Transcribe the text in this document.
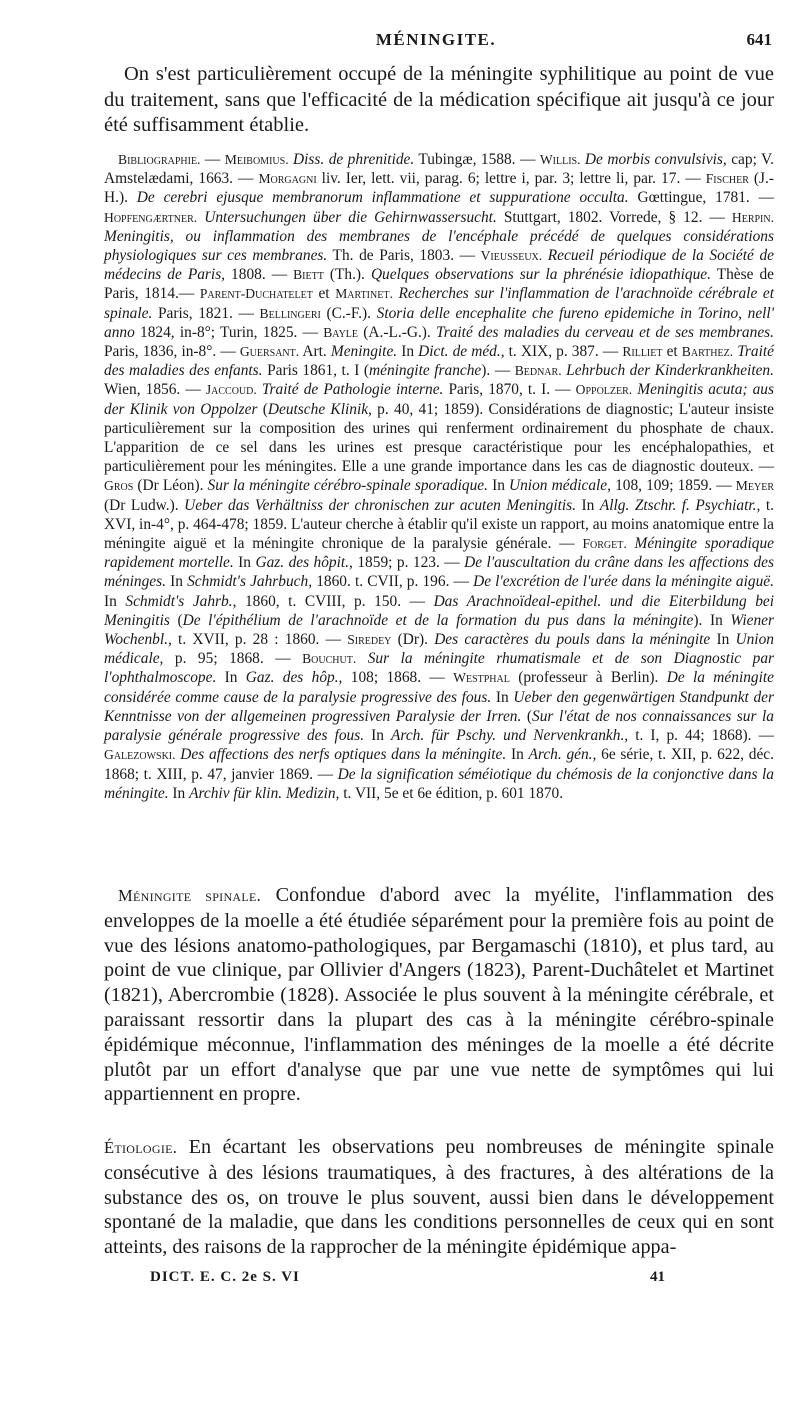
MÉNINGITE.	641

On s'est particulièrement occupé de la méningite syphilitique au point de vue du traitement, sans que l'efficacité de la médication spécifique ait jusqu'à ce jour été suffisamment établie.

Bibliographie. — Meibomius. Diss. de phrenitide. Tubingæ, 1588. — Willis. De morbis convulsivis, cap; V. Amstelædami, 1663. — Morgagni liv. Ier, lett. vii, parag. 6; lettre i, par. 3; lettre li, par. 17. — Fischer (J.-H.). De cerebri ejusque membranorum inflammatione et suppuratione occulta. Gœttingue, 1781. — Hopfengærtner. Untersuchungen über die Gehirnwassersucht. Stuttgart, 1802. Vorrede, § 12. — Herpin. Meningitis, ou inflammation des membranes de l'encéphale précédé de quelques considérations physiologiques sur ces membranes. Th. de Paris, 1803. — Vieusseux. Recueil périodique de la Société de médecins de Paris, 1808. — Biett (Th.). Quelques observations sur la phrénésie idiopathique. Thèse de Paris, 1814.— Parent-Duchatelet et Martinet. Recherches sur l'inflammation de l'arachnoïde cérébrale et spinale. Paris, 1821. — Bellingeri (C.-F.). Storia delle encephalite che fureno epidemiche in Torino, nell' anno 1824, in-8°; Turin, 1825. — Bayle (A.-L.-G.). Traité des maladies du cerveau et de ses membranes. Paris, 1836, in-8°. — Guersant. Art. Meningite. In Dict. de méd., t. XIX, p. 387. — Rilliet et Barthez. Traité des maladies des enfants. Paris 1861, t. I (méningite franche). — Bednar. Lehrbuch der Kinderkrankheiten. Wien, 1856. — Jaccoud. Traité de Pathologie interne. Paris, 1870, t. I. — Oppolzer. Meningitis acuta; aus der Klinik von Oppolzer (Deutsche Klinik, p. 40, 41; 1859). Considérations de diagnostic; L'auteur insiste particulièrement sur la composition des urines qui renferment ordinairement du phosphate de chaux. L'apparition de ce sel dans les urines est presque caractéristique pour les encéphalopathies, et particulièrement pour les méningites. Elle a une grande importance dans les cas de diagnostic douteux. — Gros (Dr Léon). Sur la méningite cérébro-spinale sporadique. In Union médicale, 108, 109; 1859. — Meyer (Dr Ludw.). Ueber das Verhältniss der chronischen zur acuten Meningitis. In Allg. Ztschr. f. Psychiatr., t. XVI, in-4°, p. 464-478; 1859. L'auteur cherche à établir qu'il existe un rapport, au moins anatomique entre la méningite aiguë et la méningite chronique de la paralysie générale. — Forget. Méningite sporadique rapidement mortelle. In Gaz. des hôpit., 1859; p. 123. — De l'auscultation du crâne dans les affections des méninges. In Schmidt's Jahrbuch, 1860. t. CVII, p. 196. — De l'excrétion de l'urée dans la méningite aiguë. In Schmidt's Jahrb., 1860, t. CVIII, p. 150. — Das Arachnoïdeal-epithel. und die Eiterbildung bei Meningitis (De l'épithélium de l'arachnoïde et de la formation du pus dans la méningite). In Wiener Wochenbl., t. XVII, p. 28 : 1860. — Siredey (Dr). Des caractères du pouls dans la méningite In Union médicale, p. 95; 1868. — Bouchut. Sur la méningite rhumatismale et de son Diagnostic par l'ophthalmoscope. In Gaz. des hôp., 108; 1868. — Westphal (professeur à Berlin). De la méningite considérée comme cause de la paralysie progressive des fous. In Ueber den gegenwärtigen Standpunkt der Kenntnisse von der allgemeinen progressiven Paralysie der Irren. (Sur l'état de nos connaissances sur la paralysie générale progressive des fous. In Arch. für Pschy. und Nervenkrankh., t. I, p. 44; 1868). — Galezowski. Des affections des nerfs optiques dans la méningite. In Arch. gén., 6e série, t. XII, p. 622, déc. 1868; t. XIII, p. 47, janvier 1869. — De la signification séméiotique du chémosis de la conjonctive dans la méningite. In Archiv für klin. Medizin, t. VII, 5e et 6e édition, p. 601 1870.

Méningite spinale. Confondue d'abord avec la myélite, l'inflammation des enveloppes de la moelle a été étudiée séparément pour la première fois au point de vue des lésions anatomo-pathologiques, par Bergamaschi (1810), et plus tard, au point de vue clinique, par Ollivier d'Angers (1823), Parent-Duchâtelet et Martinet (1821), Abercrombie (1828). Associée le plus souvent à la méningite cérébrale, et paraissant ressortir dans la plupart des cas à la méningite cérébro-spinale épidémique méconnue, l'inflammation des méninges de la moelle a été décrite plutôt par un effort d'analyse que par une vue nette de symptômes qui lui appartiennent en propre.

Étiologie. En écartant les observations peu nombreuses de méningite spinale consécutive à des lésions traumatiques, à des fractures, à des altérations de la substance des os, on trouve le plus souvent, aussi bien dans le développement spontané de la maladie, que dans les conditions personnelles de ceux qui en sont atteints, des raisons de la rapprocher de la méningite épidémique appa-

DICT. E. C. 2e S. VI	41
